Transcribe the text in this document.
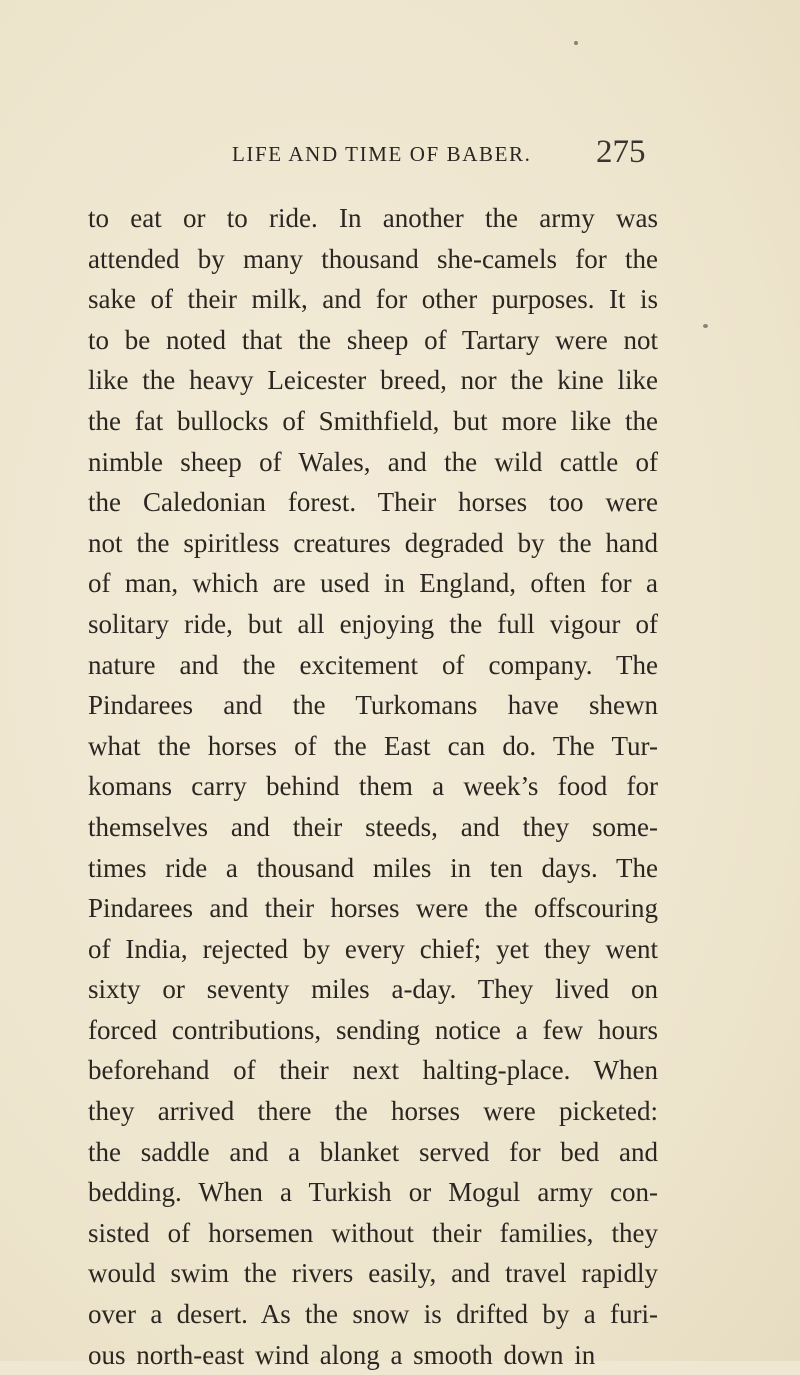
LIFE AND TIME OF BABER. 275
to eat or to ride. In another the army was
attended by many thousand she-camels for the
sake of their milk, and for other purposes. It is
to be noted that the sheep of Tartary were not
like the heavy Leicester breed, nor the kine like
the fat bullocks of Smithfield, but more like the
nimble sheep of Wales, and the wild cattle of
the Caledonian forest. Their horses too were
not the spiritless creatures degraded by the hand
of man, which are used in England, often for a
solitary ride, but all enjoying the full vigour of
nature and the excitement of company. The
Pindarees and the Turkomans have shewn
what the horses of the East can do. The Tur-
komans carry behind them a week’s food for
themselves and their steeds, and they some-
times ride a thousand miles in ten days. The
Pindarees and their horses were the offscouring
of India, rejected by every chief; yet they went
sixty or seventy miles a-day. They lived on
forced contributions, sending notice a few hours
beforehand of their next halting-place. When
they arrived there the horses were picketed:
the saddle and a blanket served for bed and
bedding. When a Turkish or Mogul army con-
sisted of horsemen without their families, they
would swim the rivers easily, and travel rapidly
over a desert. As the snow is drifted by a furi-
ous north-east wind along a smooth down in
